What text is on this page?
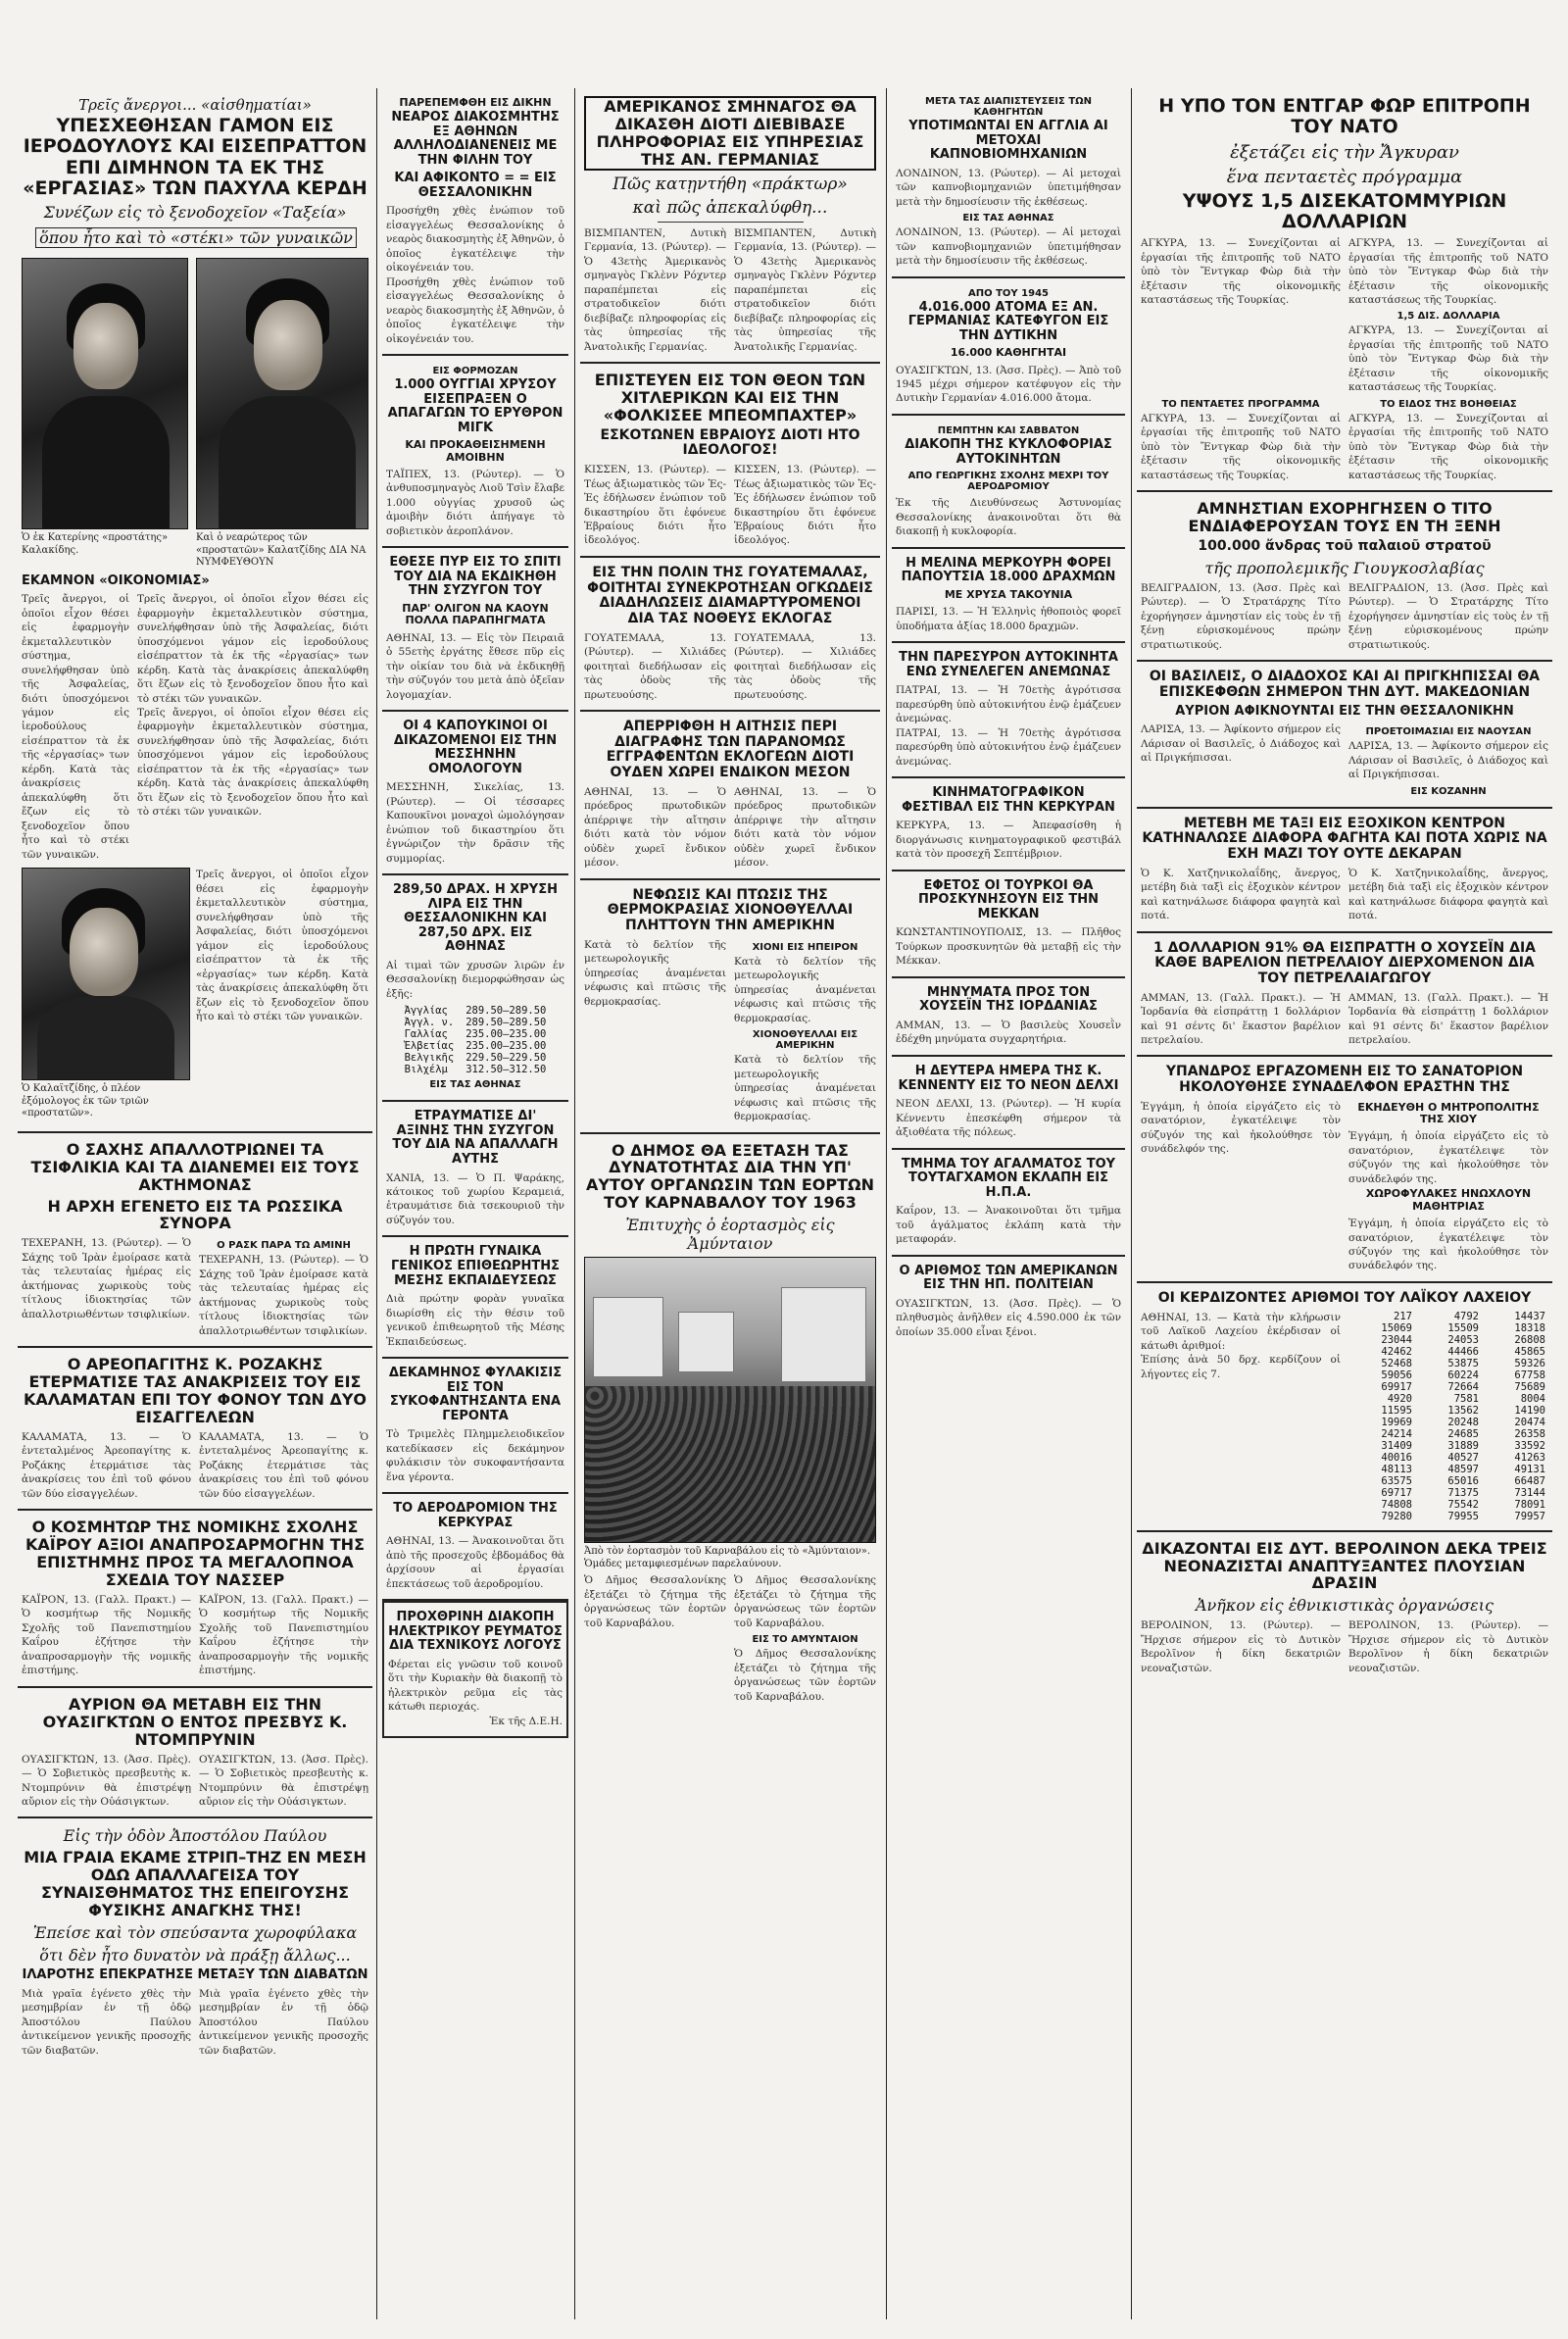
Τρεῖς ἄνεργοι... «αἰσθηματίαι»
ΥΠΕΣΧΕΘΗΣΑΝ ΓΑΜΟΝ ΕΙΣ ΙΕΡΟΔΟΥΛΟΥΣ ΚΑΙ ΕΙΣΕΠΡΑΤΤΟΝ ΕΠΙ ΔΙΜΗΝΟΝ ΤΑ ΕΚ ΤΗΣ «ΕΡΓΑΣΙΑΣ» ΤΩΝ ΠΑΧΥΛΑ ΚΕΡΔΗ
Συνέζων εἰς τὸ ξενοδοχεῖον «Ταξεία»
ὅπου ἦτο καὶ τὸ «στέκι» τῶν γυναικῶν
Ὁ ἐκ Κατερίνης «προστάτης» Καλακίδης.
Καὶ ὁ νεαρώτερος τῶν «προστατῶν» Καλατζίδης ΔΙΑ ΝΑ ΝΥΜΦΕΥΘΟΥΝ
ΕΚΑΜΝΟΝ «ΟΙΚΟΝΟΜΙΑΣ»
Τρεῖς ἄνεργοι, οἱ ὁποῖοι εἶχον θέσει εἰς ἐφαρμογὴν ἐκμεταλλευτικὸν σύστημα, συνελήφθησαν ὑπὸ τῆς Ἀσφαλείας, διότι ὑποσχόμενοι γάμον εἰς ἱεροδούλους εἰσέπραττον τὰ ἐκ τῆς «ἐργασίας» των κέρδη. Κατὰ τὰς ἀνακρίσεις ἀπεκαλύφθη ὅτι ἔζων εἰς τὸ ξενοδοχεῖον ὅπου ἦτο καὶ τὸ στέκι τῶν γυναικῶν.
Τρεῖς ἄνεργοι, οἱ ὁποῖοι εἶχον θέσει εἰς ἐφαρμογὴν ἐκμεταλλευτικὸν σύστημα, συνελήφθησαν ὑπὸ τῆς Ἀσφαλείας, διότι ὑποσχόμενοι γάμον εἰς ἱεροδούλους εἰσέπραττον τὰ ἐκ τῆς «ἐργασίας» των κέρδη. Κατὰ τὰς ἀνακρίσεις ἀπεκαλύφθη ὅτι ἔζων εἰς τὸ ξενοδοχεῖον ὅπου ἦτο καὶ τὸ στέκι τῶν γυναικῶν.
Τρεῖς ἄνεργοι, οἱ ὁποῖοι εἶχον θέσει εἰς ἐφαρμογὴν ἐκμεταλλευτικὸν σύστημα, συνελήφθησαν ὑπὸ τῆς Ἀσφαλείας, διότι ὑποσχόμενοι γάμον εἰς ἱεροδούλους εἰσέπραττον τὰ ἐκ τῆς «ἐργασίας» των κέρδη. Κατὰ τὰς ἀνακρίσεις ἀπεκαλύφθη ὅτι ἔζων εἰς τὸ ξενοδοχεῖον ὅπου ἦτο καὶ τὸ στέκι τῶν γυναικῶν.
Ὁ Καλαϊτζίδης, ὁ πλέον ἐξόμολογος ἐκ τῶν τριῶν «προστατῶν».
Τρεῖς ἄνεργοι, οἱ ὁποῖοι εἶχον θέσει εἰς ἐφαρμογὴν ἐκμεταλλευτικὸν σύστημα, συνελήφθησαν ὑπὸ τῆς Ἀσφαλείας, διότι ὑποσχόμενοι γάμον εἰς ἱεροδούλους εἰσέπραττον τὰ ἐκ τῆς «ἐργασίας» των κέρδη. Κατὰ τὰς ἀνακρίσεις ἀπεκαλύφθη ὅτι ἔζων εἰς τὸ ξενοδοχεῖον ὅπου ἦτο καὶ τὸ στέκι τῶν γυναικῶν.
Ο ΣΑΧΗΣ ΑΠΑΛΛΟΤΡΙΩΝΕΙ ΤΑ ΤΣΙΦΛΙΚΙΑ ΚΑΙ ΤΑ ΔΙΑΝΕΜΕΙ ΕΙΣ ΤΟΥΣ ΑΚΤΗΜΟΝΑΣ
Η ΑΡΧΗ ΕΓΕΝΕΤΟ ΕΙΣ ΤΑ ΡΩΣΣΙΚΑ ΣΥΝΟΡΑ
ΤΕΧΕΡΑΝΗ, 13. (Ρώυτερ). — Ὁ Σάχης τοῦ Ἰρὰν ἐμοίρασε κατὰ τὰς τελευταίας ἡμέρας εἰς ἀκτήμονας χωρικοὺς τοὺς τίτλους ἰδιοκτησίας τῶν ἀπαλλοτριωθέντων τσιφλικίων.
Ο ΡΑΣΚ ΠΑΡΑ ΤΩ ΑΜΙΝΗ
ΤΕΧΕΡΑΝΗ, 13. (Ρώυτερ). — Ὁ Σάχης τοῦ Ἰρὰν ἐμοίρασε κατὰ τὰς τελευταίας ἡμέρας εἰς ἀκτήμονας χωρικοὺς τοὺς τίτλους ἰδιοκτησίας τῶν ἀπαλλοτριωθέντων τσιφλικίων.
Ο ΑΡΕΟΠΑΓΙΤΗΣ Κ. ΡΟΖΑΚΗΣ ΕΤΕΡΜΑΤΙΣΕ ΤΑΣ ΑΝΑΚΡΙΣΕΙΣ ΤΟΥ ΕΙΣ ΚΑΛΑΜΑΤΑΝ ΕΠΙ ΤΟΥ ΦΟΝΟΥ ΤΩΝ ΔΥΟ ΕΙΣΑΓΓΕΛΕΩΝ
ΚΑΛΑΜΑΤΑ, 13. — Ὁ ἐντεταλμένος Ἀρεοπαγίτης κ. Ροζάκης ἐτερμάτισε τὰς ἀνακρίσεις του ἐπὶ τοῦ φόνου τῶν δύο εἰσαγγελέων.
ΚΑΛΑΜΑΤΑ, 13. — Ὁ ἐντεταλμένος Ἀρεοπαγίτης κ. Ροζάκης ἐτερμάτισε τὰς ἀνακρίσεις του ἐπὶ τοῦ φόνου τῶν δύο εἰσαγγελέων.
Ο ΚΟΣΜΗΤΩΡ ΤΗΣ ΝΟΜΙΚΗΣ ΣΧΟΛΗΣ ΚΑΪΡΟΥ ΑΞΙΟΙ ΑΝΑΠΡΟΣΑΡΜΟΓΗΝ ΤΗΣ ΕΠΙΣΤΗΜΗΣ ΠΡΟΣ ΤΑ ΜΕΓΑΛΟΠΝΟΑ ΣΧΕΔΙΑ ΤΟΥ ΝΑΣΣΕΡ
ΚΑΪΡΟΝ, 13. (Γαλλ. Πρακτ.) — Ὁ κοσμήτωρ τῆς Νομικῆς Σχολῆς τοῦ Πανεπιστημίου Καΐρου ἐζήτησε τὴν ἀναπροσαρμογὴν τῆς νομικῆς ἐπιστήμης.
ΚΑΪΡΟΝ, 13. (Γαλλ. Πρακτ.) — Ὁ κοσμήτωρ τῆς Νομικῆς Σχολῆς τοῦ Πανεπιστημίου Καΐρου ἐζήτησε τὴν ἀναπροσαρμογὴν τῆς νομικῆς ἐπιστήμης.
ΑΥΡΙΟΝ ΘΑ ΜΕΤΑΒΗ ΕΙΣ ΤΗΝ ΟΥΑΣΙΓΚΤΩΝ Ο ΕΝΤΟΣ ΠΡΕΣΒΥΣ Κ. ΝΤΟΜΠΡΥΝΙΝ
ΟΥΑΣΙΓΚΤΩΝ, 13. (Ἀσσ. Πρὲς). — Ὁ Σοβιετικὸς πρεσβευτὴς κ. Ντομπρύνιν θὰ ἐπιστρέψῃ αὔριον εἰς τὴν Οὐάσιγκτων.
ΟΥΑΣΙΓΚΤΩΝ, 13. (Ἀσσ. Πρὲς). — Ὁ Σοβιετικὸς πρεσβευτὴς κ. Ντομπρύνιν θὰ ἐπιστρέψῃ αὔριον εἰς τὴν Οὐάσιγκτων.
Εἰς τὴν ὁδὸν Ἀποστόλου Παύλου
ΜΙΑ ΓΡΑΙΑ ΕΚΑΜΕ ΣΤΡΙΠ–ΤΗΖ ΕΝ ΜΕΣΗ ΟΔΩ ΑΠΑΛΛΑΓΕΙΣΑ ΤΟΥ ΣΥΝΑΙΣΘΗΜΑΤΟΣ ΤΗΣ ΕΠΕΙΓΟΥΣΗΣ ΦΥΣΙΚΗΣ ΑΝΑΓΚΗΣ ΤΗΣ!
Ἐπείσε καὶ τὸν σπεύσαντα χωροφύλακα
ὅτι δὲν ἦτο δυνατὸν νὰ πράξῃ ἄλλως...
ΙΛΑΡΟΤΗΣ ΕΠΕΚΡΑΤΗΣΕ ΜΕΤΑΞΥ ΤΩΝ ΔΙΑΒΑΤΩΝ
Μιὰ γραῖα ἐγένετο χθὲς τὴν μεσημβρίαν ἐν τῇ ὁδῷ Ἀποστόλου Παύλου ἀντικείμενον γενικῆς προσοχῆς τῶν διαβατῶν.
Μιὰ γραῖα ἐγένετο χθὲς τὴν μεσημβρίαν ἐν τῇ ὁδῷ Ἀποστόλου Παύλου ἀντικείμενον γενικῆς προσοχῆς τῶν διαβατῶν.
ΠΑΡΕΠΕΜΦΘΗ ΕΙΣ ΔΙΚΗΝ
ΝΕΑΡΟΣ ΔΙΑΚΟΣΜΗΤΗΣ ΕΞ ΑΘΗΝΩΝ ΑΛΛΗΛΟΔΙΑΝΕΝΕΙΣ ΜΕ ΤΗΝ ΦΙΛΗΝ ΤΟΥ
ΚΑΙ ΑΦΙΚΟΝΤΟ = = ΕΙΣ ΘΕΣΣΑΛΟΝΙΚΗΝ
Προσήχθη χθὲς ἐνώπιον τοῦ εἰσαγγελέως Θεσσαλονίκης ὁ νεαρὸς διακοσμητὴς ἐξ Ἀθηνῶν, ὁ ὁποῖος ἐγκατέλειψε τὴν οἰκογένειάν του.
Προσήχθη χθὲς ἐνώπιον τοῦ εἰσαγγελέως Θεσσαλονίκης ὁ νεαρὸς διακοσμητὴς ἐξ Ἀθηνῶν, ὁ ὁποῖος ἐγκατέλειψε τὴν οἰκογένειάν του.
ΕΙΣ ΦΟΡΜΟΖΑΝ
1.000 ΟΥΓΓΙΑΙ ΧΡΥΣΟΥ ΕΙΣΕΠΡΑΞΕΝ Ο ΑΠΑΓΑΓΩΝ ΤΟ ΕΡΥΘΡΟΝ ΜΙΓΚ
ΚΑΙ ΠΡΟΚΑΘΕΙΣΗΜΕΝΗ ΑΜΟΙΒΗΝ
ΤΑΪΠΕΧ, 13. (Ρώυτερ). — Ὁ ἀνθυποσμηναγὸς Λιοῦ Τσὶν ἔλαβε 1.000 οὐγγίας χρυσοῦ ὡς ἀμοιβὴν διότι ἀπήγαγε τὸ σοβιετικὸν ἀεροπλάνον.
ΕΘΕΣΕ ΠΥΡ ΕΙΣ ΤΟ ΣΠΙΤΙ ΤΟΥ ΔΙΑ ΝΑ ΕΚΔΙΚΗΘΗ ΤΗΝ ΣΥΖΥΓΟΝ ΤΟΥ
ΠΑΡ' ΟΛΙΓΟΝ ΝΑ ΚΑΟΥΝ ΠΟΛΛΑ ΠΑΡΑΠΗΓΜΑΤΑ
ΑΘΗΝΑΙ, 13. — Εἰς τὸν Πειραιᾶ ὁ 55ετὴς ἐργάτης ἔθεσε πῦρ εἰς τὴν οἰκίαν του διὰ νὰ ἐκδικηθῇ τὴν σύζυγόν του μετὰ ἀπὸ ὀξεῖαν λογομαχίαν.
ΟΙ 4 ΚΑΠΟΥΚΙΝΟΙ ΟΙ ΔΙΚΑΖΟΜΕΝΟΙ ΕΙΣ ΤΗΝ ΜΕΣΣΗΝΗΝ ΟΜΟΛΟΓΟΥΝ
ΜΕΣΣΗΝΗ, Σικελίας, 13. (Ρώυτερ). — Οἱ τέσσαρες Καπουκῖνοι μοναχοὶ ὡμολόγησαν ἐνώπιον τοῦ δικαστηρίου ὅτι ἐγνώριζον τὴν δρᾶσιν τῆς συμμορίας.
289,50 ΔΡΑΧ. Η ΧΡΥΣΗ ΛΙΡΑ ΕΙΣ ΤΗΝ ΘΕΣΣΑΛΟΝΙΚΗΝ ΚΑΙ 287,50 ΔΡΧ. ΕΙΣ ΑΘΗΝΑΣ
Αἱ τιμαὶ τῶν χρυσῶν λιρῶν ἐν Θεσσαλονίκῃ διεμορφώθησαν ὡς ἑξῆς:
Ἀγγλίας	289.50–289.50
Ἀγγλ. ν.	289.50–289.50
Γαλλίας	235.00–235.00
Ἑλβετίας	235.00–235.00
Βελγικῆς	229.50–229.50
Βιλχέλμ	312.50–312.50
ΕΙΣ ΤΑΣ ΑΘΗΝΑΣ
ΕΤΡΑΥΜΑΤΙΣΕ ΔΙ' ΑΞΙΝΗΣ ΤΗΝ ΣΥΖΥΓΟΝ ΤΟΥ ΔΙΑ ΝΑ ΑΠΑΛΛΑΓΗ ΑΥΤΗΣ
ΧΑΝΙΑ, 13. — Ὁ Π. Ψαράκης, κάτοικος τοῦ χωρίου Κεραμειά, ἐτραυμάτισε διὰ τσεκουριοῦ τὴν σύζυγόν του.
Η ΠΡΩΤΗ ΓΥΝΑΙΚΑ ΓΕΝΙΚΟΣ ΕΠΙΘΕΩΡΗΤΗΣ ΜΕΣΗΣ ΕΚΠΑΙΔΕΥΣΕΩΣ
Διὰ πρώτην φορὰν γυναῖκα διωρίσθη εἰς τὴν θέσιν τοῦ γενικοῦ ἐπιθεωρητοῦ τῆς Μέσης Ἐκπαιδεύσεως.
ΔΕΚΑΜΗΝΟΣ ΦΥΛΑΚΙΣΙΣ ΕΙΣ ΤΟΝ ΣΥΚΟΦΑΝΤΗΣΑΝΤΑ ΕΝΑ ΓΕΡΟΝΤΑ
Τὸ Τριμελὲς Πλημμελειοδικεῖον κατεδίκασεν εἰς δεκάμηνον φυλάκισιν τὸν συκοφαντήσαντα ἕνα γέροντα.
ΤΟ ΑΕΡΟΔΡΟΜΙΟΝ ΤΗΣ ΚΕΡΚΥΡΑΣ
ΑΘΗΝΑΙ, 13. — Ἀνακοινοῦται ὅτι ἀπὸ τῆς προσεχοῦς ἑβδομάδος θὰ ἀρχίσουν αἱ ἐργασίαι ἐπεκτάσεως τοῦ ἀεροδρομίου.
ΠΡΟΧΘΡΙΝΗ ΔΙΑΚΟΠΗ ΗΛΕΚΤΡΙΚΟΥ ΡΕΥΜΑΤΟΣ ΔΙΑ ΤΕΧΝΙΚΟΥΣ ΛΟΓΟΥΣ
Φέρεται εἰς γνῶσιν τοῦ κοινοῦ ὅτι τὴν Κυριακὴν θὰ διακοπῇ τὸ ἠλεκτρικὸν ρεῦμα εἰς τὰς κάτωθι περιοχάς.
Ἐκ τῆς Δ.Ε.Η.
ΑΜΕΡΙΚΑΝΟΣ ΣΜΗΝΑΓΟΣ ΘΑ ΔΙΚΑΣΘΗ ΔΙΟΤΙ ΔΙΕΒΙΒΑΣΕ ΠΛΗΡΟΦΟΡΙΑΣ ΕΙΣ ΥΠΗΡΕΣΙΑΣ ΤΗΣ ΑΝ. ΓΕΡΜΑΝΙΑΣ
Πῶς κατῃντήθη «πράκτωρ»
καὶ πῶς ἀπεκαλύφθη...
ΒΙΣΜΠΑΝΤΕΝ, Δυτικὴ Γερμανία, 13. (Ρώυτερ). — Ὁ 43ετὴς Ἀμερικανὸς σμηναγὸς Γκλὲνν Ρόχντερ παραπέμπεται εἰς στρατοδικεῖον διότι διεβίβαζε πληροφορίας εἰς τὰς ὑπηρεσίας τῆς Ἀνατολικῆς Γερμανίας.
ΒΙΣΜΠΑΝΤΕΝ, Δυτικὴ Γερμανία, 13. (Ρώυτερ). — Ὁ 43ετὴς Ἀμερικανὸς σμηναγὸς Γκλὲνν Ρόχντερ παραπέμπεται εἰς στρατοδικεῖον διότι διεβίβαζε πληροφορίας εἰς τὰς ὑπηρεσίας τῆς Ἀνατολικῆς Γερμανίας.
ΕΠΙΣΤΕΥΕΝ ΕΙΣ ΤΟΝ ΘΕΟΝ ΤΩΝ ΧΙΤΛΕΡΙΚΩΝ ΚΑΙ ΕΙΣ ΤΗΝ «ΦΟΛΚΙΣΕΕ ΜΠΕΟΜΠΑΧΤΕΡ»
ΕΣΚΟΤΩΝΕΝ ΕΒΡΑΙΟΥΣ ΔΙΟΤΙ ΗΤΟ ΙΔΕΟΛΟΓΟΣ!
ΚΙΣΣΕΝ, 13. (Ρώυτερ). — Τέως ἀξιωματικὸς τῶν Ἐς-Ἐς ἐδήλωσεν ἐνώπιον τοῦ δικαστηρίου ὅτι ἐφόνευε Ἑβραίους διότι ἦτο ἰδεολόγος.
ΚΙΣΣΕΝ, 13. (Ρώυτερ). — Τέως ἀξιωματικὸς τῶν Ἐς-Ἐς ἐδήλωσεν ἐνώπιον τοῦ δικαστηρίου ὅτι ἐφόνευε Ἑβραίους διότι ἦτο ἰδεολόγος.
ΕΙΣ ΤΗΝ ΠΟΛΙΝ ΤΗΣ ΓΟΥΑΤΕΜΑΛΑΣ, ΦΟΙΤΗΤΑΙ ΣΥΝΕΚΡΟΤΗΣΑΝ ΟΓΚΩΔΕΙΣ ΔΙΑΔΗΛΩΣΕΙΣ ΔΙΑΜΑΡΤΥΡΟΜΕΝΟΙ ΔΙΑ ΤΑΣ ΝΟΘΕΥΣ ΕΚΛΟΓΑΣ
ΓΟΥΑΤΕΜΑΛΑ, 13. (Ρώυτερ). — Χιλιάδες φοιτηταὶ διεδήλωσαν εἰς τὰς ὁδοὺς τῆς πρωτευούσης.
ΓΟΥΑΤΕΜΑΛΑ, 13. (Ρώυτερ). — Χιλιάδες φοιτηταὶ διεδήλωσαν εἰς τὰς ὁδοὺς τῆς πρωτευούσης.
ΑΠΕΡΡΙΦΘΗ Η ΑΙΤΗΣΙΣ ΠΕΡΙ ΔΙΑΓΡΑΦΗΣ ΤΩΝ ΠΑΡΑΝΟΜΩΣ ΕΓΓΡΑΦΕΝΤΩΝ ΕΚΛΟΓΕΩΝ ΔΙΟΤΙ ΟΥΔΕΝ ΧΩΡΕΙ ΕΝΔΙΚΟΝ ΜΕΣΟΝ
ΑΘΗΝΑΙ, 13. — Ὁ πρόεδρος πρωτοδικῶν ἀπέρριψε τὴν αἴτησιν διότι κατὰ τὸν νόμον οὐδὲν χωρεῖ ἔνδικον μέσον.
ΑΘΗΝΑΙ, 13. — Ὁ πρόεδρος πρωτοδικῶν ἀπέρριψε τὴν αἴτησιν διότι κατὰ τὸν νόμον οὐδὲν χωρεῖ ἔνδικον μέσον.
ΝΕΦΩΣΙΣ ΚΑΙ ΠΤΩΣΙΣ ΤΗΣ ΘΕΡΜΟΚΡΑΣΙΑΣ ΧΙΟΝΟΘΥΕΛΛΑΙ ΠΛΗΤΤΟΥΝ ΤΗΝ ΑΜΕΡΙΚΗΝ
Κατὰ τὸ δελτίον τῆς μετεωρολογικῆς ὑπηρεσίας ἀναμένεται νέφωσις καὶ πτῶσις τῆς θερμοκρασίας.
ΧΙΟΝΙ ΕΙΣ ΗΠΕΙΡΟΝ
Κατὰ τὸ δελτίον τῆς μετεωρολογικῆς ὑπηρεσίας ἀναμένεται νέφωσις καὶ πτῶσις τῆς θερμοκρασίας.
ΧΙΟΝΟΘΥΕΛΛΑΙ ΕΙΣ ΑΜΕΡΙΚΗΝ
Κατὰ τὸ δελτίον τῆς μετεωρολογικῆς ὑπηρεσίας ἀναμένεται νέφωσις καὶ πτῶσις τῆς θερμοκρασίας.
Ο ΔΗΜΟΣ ΘΑ ΕΞΕΤΑΣΗ ΤΑΣ ΔΥΝΑΤΟΤΗΤΑΣ ΔΙΑ ΤΗΝ ΥΠ' ΑΥΤΟΥ ΟΡΓΑΝΩΣΙΝ ΤΩΝ ΕΟΡΤΩΝ ΤΟΥ ΚΑΡΝΑΒΑΛΟΥ ΤΟΥ 1963
Ἐπιτυχὴς ὁ ἑορτασμὸς εἰς Ἀμύνταιον
Ἀπὸ τὸν ἑορτασμὸν τοῦ Καρναβάλου εἰς τὸ «Ἀμύνταιον». Ὁμάδες μεταμφιεσμένων παρελαύνουν.
Ὁ Δῆμος Θεσσαλονίκης ἐξετάζει τὸ ζήτημα τῆς ὀργανώσεως τῶν ἑορτῶν τοῦ Καρναβάλου.
Ὁ Δῆμος Θεσσαλονίκης ἐξετάζει τὸ ζήτημα τῆς ὀργανώσεως τῶν ἑορτῶν τοῦ Καρναβάλου.
ΕΙΣ ΤΟ ΑΜΥΝΤΑΙΟΝ
Ὁ Δῆμος Θεσσαλονίκης ἐξετάζει τὸ ζήτημα τῆς ὀργανώσεως τῶν ἑορτῶν τοῦ Καρναβάλου.
ΜΕΤΑ ΤΑΣ ΔΙΑΠΙΣΤΕΥΣΕΙΣ ΤΩΝ ΚΑΘΗΓΗΤΩΝ
ΥΠΟΤΙΜΩΝΤΑΙ ΕΝ ΑΓΓΛΙΑ ΑΙ ΜΕΤΟΧΑΙ ΚΑΠΝΟΒΙΟΜΗΧΑΝΙΩΝ
ΛΟΝΔΙΝΟΝ, 13. (Ρώυτερ). — Αἱ μετοχαὶ τῶν καπνοβιομηχανιῶν ὑπετιμήθησαν μετὰ τὴν δημοσίευσιν τῆς ἐκθέσεως.
ΕΙΣ ΤΑΣ ΑΘΗΝΑΣ
ΛΟΝΔΙΝΟΝ, 13. (Ρώυτερ). — Αἱ μετοχαὶ τῶν καπνοβιομηχανιῶν ὑπετιμήθησαν μετὰ τὴν δημοσίευσιν τῆς ἐκθέσεως.
ΑΠΟ ΤΟΥ 1945
4.016.000 ΑΤΟΜΑ ΕΞ ΑΝ. ΓΕΡΜΑΝΙΑΣ ΚΑΤΕΦΥΓΟΝ ΕΙΣ ΤΗΝ ΔΥΤΙΚΗΝ
16.000 ΚΑΘΗΓΗΤΑΙ
ΟΥΑΣΙΓΚΤΩΝ, 13. (Ἀσσ. Πρὲς). — Ἀπὸ τοῦ 1945 μέχρι σήμερον κατέφυγον εἰς τὴν Δυτικὴν Γερμανίαν 4.016.000 ἄτομα.
ΠΕΜΠΤΗΝ ΚΑΙ ΣΑΒΒΑΤΟΝ
ΔΙΑΚΟΠΗ ΤΗΣ ΚΥΚΛΟΦΟΡΙΑΣ ΑΥΤΟΚΙΝΗΤΩΝ
ΑΠΟ ΓΕΩΡΓΙΚΗΣ ΣΧΟΛΗΣ ΜΕΧΡΙ ΤΟΥ ΑΕΡΟΔΡΟΜΙΟΥ
Ἐκ τῆς Διευθύνσεως Ἀστυνομίας Θεσσαλονίκης ἀνακοινοῦται ὅτι θὰ διακοπῇ ἡ κυκλοφορία.
Η ΜΕΛΙΝΑ ΜΕΡΚΟΥΡΗ ΦΟΡΕΙ ΠΑΠΟΥΤΣΙΑ 18.000 ΔΡΑΧΜΩΝ
ΜΕ ΧΡΥΣΑ ΤΑΚΟΥΝΙΑ
ΠΑΡΙΣΙ, 13. — Ἡ Ἑλληνὶς ἠθοποιὸς φορεῖ ὑποδήματα ἀξίας 18.000 δραχμῶν.
ΤΗΝ ΠΑΡΕΣΥΡΟΝ ΑΥΤΟΚΙΝΗΤΑ ΕΝΩ ΣΥΝΕΛΕΓΕΝ ΑΝΕΜΩΝΑΣ
ΠΑΤΡΑΙ, 13. — Ἡ 70ετὴς ἀγρότισσα παρεσύρθη ὑπὸ αὐτοκινήτου ἐνῷ ἐμάζευεν ἀνεμώνας.
ΠΑΤΡΑΙ, 13. — Ἡ 70ετὴς ἀγρότισσα παρεσύρθη ὑπὸ αὐτοκινήτου ἐνῷ ἐμάζευεν ἀνεμώνας.
ΚΙΝΗΜΑΤΟΓΡΑΦΙΚΟΝ ΦΕΣΤΙΒΑΛ ΕΙΣ ΤΗΝ ΚΕΡΚΥΡΑΝ
ΚΕΡΚΥΡΑ, 13. — Ἀπεφασίσθη ἡ διοργάνωσις κινηματογραφικοῦ φεστιβάλ κατὰ τὸν προσεχῆ Σεπτέμβριον.
ΕΦΕΤΟΣ ΟΙ ΤΟΥΡΚΟΙ ΘΑ ΠΡΟΣΚΥΝΗΣΟΥΝ ΕΙΣ ΤΗΝ ΜΕΚΚΑΝ
ΚΩΝΣΤΑΝΤΙΝΟΥΠΟΛΙΣ, 13. — Πλῆθος Τούρκων προσκυνητῶν θὰ μεταβῇ εἰς τὴν Μέκκαν.
ΜΗΝΥΜΑΤΑ ΠΡΟΣ ΤΟΝ ΧΟΥΣΕΪΝ ΤΗΣ ΙΟΡΔΑΝΙΑΣ
ΑΜΜΑΝ, 13. — Ὁ βασιλεὺς Χουσεῒν ἐδέχθη μηνύματα συγχαρητήρια.
Η ΔΕΥΤΕΡΑ ΗΜΕΡΑ ΤΗΣ Κ. ΚΕΝΝΕΝΤΥ ΕΙΣ ΤΟ ΝΕΟΝ ΔΕΛΧΙ
ΝΕΟΝ ΔΕΛΧΙ, 13. (Ρώυτερ). — Ἡ κυρία Κέννεντυ ἐπεσκέφθη σήμερον τὰ ἀξιοθέατα τῆς πόλεως.
ΤΜΗΜΑ ΤΟΥ ΑΓΑΛΜΑΤΟΣ ΤΟΥ ΤΟΥΤΑΓΧΑΜΟΝ ΕΚΛΑΠΗ ΕΙΣ Η.Π.Α.
Καΐρον, 13. — Ἀνακοινοῦται ὅτι τμῆμα τοῦ ἀγάλματος ἐκλάπη κατὰ τὴν μεταφοράν.
Ο ΑΡΙΘΜΟΣ ΤΩΝ ΑΜΕΡΙΚΑΝΩΝ ΕΙΣ ΤΗΝ ΗΠ. ΠΟΛΙΤΕΙΑΝ
ΟΥΑΣΙΓΚΤΩΝ, 13. (Ἀσσ. Πρὲς). — Ὁ πληθυσμὸς ἀνῆλθεν εἰς 4.590.000 ἐκ τῶν ὁποίων 35.000 εἶναι ξένοι.
Η ΥΠΟ ΤΟΝ ΕΝΤΓΑΡ ΦΩΡ ΕΠΙΤΡΟΠΗ ΤΟΥ ΝΑΤΟ
ἐξετάζει εἰς τὴν Ἄγκυραν
ἕνα πενταετὲς πρόγραμμα
ΥΨΟΥΣ 1,5 ΔΙΣΕΚΑΤΟΜΜΥΡΙΩΝ ΔΟΛΛΑΡΙΩΝ
ΑΓΚΥΡΑ, 13. — Συνεχίζονται αἱ ἐργασίαι τῆς ἐπιτροπῆς τοῦ ΝΑΤΟ ὑπὸ τὸν Ἔντγκαρ Φὼρ διὰ τὴν ἐξέτασιν τῆς οἰκονομικῆς καταστάσεως τῆς Τουρκίας.
ΑΓΚΥΡΑ, 13. — Συνεχίζονται αἱ ἐργασίαι τῆς ἐπιτροπῆς τοῦ ΝΑΤΟ ὑπὸ τὸν Ἔντγκαρ Φὼρ διὰ τὴν ἐξέτασιν τῆς οἰκονομικῆς καταστάσεως τῆς Τουρκίας.
1,5 ΔΙΣ. ΔΟΛΛΑΡΙΑ
ΑΓΚΥΡΑ, 13. — Συνεχίζονται αἱ ἐργασίαι τῆς ἐπιτροπῆς τοῦ ΝΑΤΟ ὑπὸ τὸν Ἔντγκαρ Φὼρ διὰ τὴν ἐξέτασιν τῆς οἰκονομικῆς καταστάσεως τῆς Τουρκίας.
ΤΟ ΠΕΝΤΑΕΤΕΣ ΠΡΟΓΡΑΜΜΑ
ΑΓΚΥΡΑ, 13. — Συνεχίζονται αἱ ἐργασίαι τῆς ἐπιτροπῆς τοῦ ΝΑΤΟ ὑπὸ τὸν Ἔντγκαρ Φὼρ διὰ τὴν ἐξέτασιν τῆς οἰκονομικῆς καταστάσεως τῆς Τουρκίας.
ΤΟ ΕΙΔΟΣ ΤΗΣ ΒΟΗΘΕΙΑΣ
ΑΓΚΥΡΑ, 13. — Συνεχίζονται αἱ ἐργασίαι τῆς ἐπιτροπῆς τοῦ ΝΑΤΟ ὑπὸ τὸν Ἔντγκαρ Φὼρ διὰ τὴν ἐξέτασιν τῆς οἰκονομικῆς καταστάσεως τῆς Τουρκίας.
ΑΜΝΗΣΤΙΑΝ ΕΧΟΡΗΓΗΣΕΝ Ο ΤΙΤΟ ΕΝΔΙΑΦΕΡΟΥΣΑΝ ΤΟΥΣ ΕΝ ΤΗ ΞΕΝΗ
100.000 ἄνδρας τοῦ παλαιοῦ στρατοῦ
τῆς προπολεμικῆς Γιουγκοσλαβίας
ΒΕΛΙΓΡΑΔΙΟΝ, 13. (Ἀσσ. Πρὲς καὶ Ρώυτερ). — Ὁ Στρατάρχης Τίτο ἐχορήγησεν ἀμνηστίαν εἰς τοὺς ἐν τῇ ξένῃ εὑρισκομένους πρώην στρατιωτικούς.
ΒΕΛΙΓΡΑΔΙΟΝ, 13. (Ἀσσ. Πρὲς καὶ Ρώυτερ). — Ὁ Στρατάρχης Τίτο ἐχορήγησεν ἀμνηστίαν εἰς τοὺς ἐν τῇ ξένῃ εὑρισκομένους πρώην στρατιωτικούς.
ΟΙ ΒΑΣΙΛΕΙΣ, Ο ΔΙΑΔΟΧΟΣ ΚΑΙ ΑΙ ΠΡΙΓΚΗΠΙΣΣΑΙ ΘΑ ΕΠΙΣΚΕΦΘΩΝ ΣΗΜΕΡΟΝ ΤΗΝ ΔΥΤ. ΜΑΚΕΔΟΝΙΑΝ
ΑΥΡΙΟΝ ΑΦΙΚΝΟΥΝΤΑΙ ΕΙΣ ΤΗΝ ΘΕΣΣΑΛΟΝΙΚΗΝ
ΛΑΡΙΣΑ, 13. — Ἀφίκοντο σήμερον εἰς Λάρισαν οἱ Βασιλεῖς, ὁ Διάδοχος καὶ αἱ Πριγκήπισσαι.
ΠΡΟΕΤΟΙΜΑΣΙΑΙ ΕΙΣ ΝΑΟΥΣΑΝ
ΛΑΡΙΣΑ, 13. — Ἀφίκοντο σήμερον εἰς Λάρισαν οἱ Βασιλεῖς, ὁ Διάδοχος καὶ αἱ Πριγκήπισσαι.
ΕΙΣ ΚΟΖΑΝΗΝ
ΜΕΤΕΒΗ ΜΕ ΤΑΞΙ ΕΙΣ ΕΞΟΧΙΚΟΝ ΚΕΝΤΡΟΝ ΚΑΤΗΝΑΛΩΣΕ ΔΙΑΦΟΡΑ ΦΑΓΗΤΑ ΚΑΙ ΠΟΤΑ ΧΩΡΙΣ ΝΑ ΕΧΗ ΜΑΖΙ ΤΟΥ ΟΥΤΕ ΔΕΚΑΡΑΝ
Ὁ Κ. Χατζηνικολαΐδης, ἄνεργος, μετέβη διὰ ταξὶ εἰς ἐξοχικὸν κέντρον καὶ κατηνάλωσε διάφορα φαγητὰ καὶ ποτά.
Ὁ Κ. Χατζηνικολαΐδης, ἄνεργος, μετέβη διὰ ταξὶ εἰς ἐξοχικὸν κέντρον καὶ κατηνάλωσε διάφορα φαγητὰ καὶ ποτά.
1 ΔΟΛΛΑΡΙΟΝ 91% ΘΑ ΕΙΣΠΡΑΤΤΗ Ο ΧΟΥΣΕΪΝ ΔΙΑ ΚΑΘΕ ΒΑΡΕΛΙΟΝ ΠΕΤΡΕΛΑΙΟΥ ΔΙΕΡΧΟΜΕΝΟΝ ΔΙΑ ΤΟΥ ΠΕΤΡΕΛΑΙΑΓΩΓΟΥ
ΑΜΜΑΝ, 13. (Γαλλ. Πρακτ.). — Ἡ Ἰορδανία θὰ εἰσπράττῃ 1 δολλάριον καὶ 91 σέντς δι' ἕκαστον βαρέλιον πετρελαίου.
ΑΜΜΑΝ, 13. (Γαλλ. Πρακτ.). — Ἡ Ἰορδανία θὰ εἰσπράττῃ 1 δολλάριον καὶ 91 σέντς δι' ἕκαστον βαρέλιον πετρελαίου.
ΥΠΑΝΔΡΟΣ ΕΡΓΑΖΟΜΕΝΗ ΕΙΣ ΤΟ ΣΑΝΑΤΟΡΙΟΝ ΗΚΟΛΟΥΘΗΣΕ ΣΥΝΑΔΕΛΦΟΝ ΕΡΑΣΤΗΝ ΤΗΣ
Ἐγγάμη, ἡ ὁποία εἰργάζετο εἰς τὸ σανατόριον, ἐγκατέλειψε τὸν σύζυγόν της καὶ ἠκολούθησε τὸν συνάδελφόν της.
ΕΚΗΔΕΥΘΗ Ο ΜΗΤΡΟΠΟΛΙΤΗΣ ΤΗΣ ΧΙΟΥ
Ἐγγάμη, ἡ ὁποία εἰργάζετο εἰς τὸ σανατόριον, ἐγκατέλειψε τὸν σύζυγόν της καὶ ἠκολούθησε τὸν συνάδελφόν της.
ΧΩΡΟΦΥΛΑΚΕΣ ΗΝΩΧΛΟΥΝ ΜΑΘΗΤΡΙΑΣ
Ἐγγάμη, ἡ ὁποία εἰργάζετο εἰς τὸ σανατόριον, ἐγκατέλειψε τὸν σύζυγόν της καὶ ἠκολούθησε τὸν συνάδελφόν της.
ΟΙ ΚΕΡΔΙΖΟΝΤΕΣ ΑΡΙΘΜΟΙ ΤΟΥ ΛΑΪΚΟΥ ΛΑΧΕΙΟΥ
ΑΘΗΝΑΙ, 13. — Κατὰ τὴν κλήρωσιν τοῦ Λαϊκοῦ Λαχείου ἐκέρδισαν οἱ κάτωθι ἀριθμοί:
Ἐπίσης ἀνὰ 50 δρχ. κερδίζουν οἱ λήγοντες εἰς 7.
217	4792	14437
15069	15509	18318
23044	24053	26808
42462	44466	45865
52468	53875	59326
59056	60224	67758
69917	72664	75689
4920	7581	8004
11595	13562	14190
19969	20248	20474
24214	24685	26358
31409	31889	33592
40016	40527	41263
48113	48597	49131
63575	65016	66487
69717	71375	73144
74808	75542	78091
79280	79955	79957
ΔΙΚΑΖΟΝΤΑΙ ΕΙΣ ΔΥΤ. ΒΕΡΟΛΙΝΟΝ ΔΕΚΑ ΤΡΕΙΣ ΝΕΟΝΑΖΙΣΤΑΙ ΑΝΑΠΤΥΞΑΝΤΕΣ ΠΛΟΥΣΙΑΝ ΔΡΑΣΙΝ
Ἀνῆκον εἰς ἐθνικιστικὰς ὀργανώσεις
ΒΕΡΟΛΙΝΟΝ, 13. (Ρώυτερ). — Ἤρχισε σήμερον εἰς τὸ Δυτικὸν Βερολῖνον ἡ δίκη δεκατριῶν νεοναζιστῶν.
ΒΕΡΟΛΙΝΟΝ, 13. (Ρώυτερ). — Ἤρχισε σήμερον εἰς τὸ Δυτικὸν Βερολῖνον ἡ δίκη δεκατριῶν νεοναζιστῶν.
